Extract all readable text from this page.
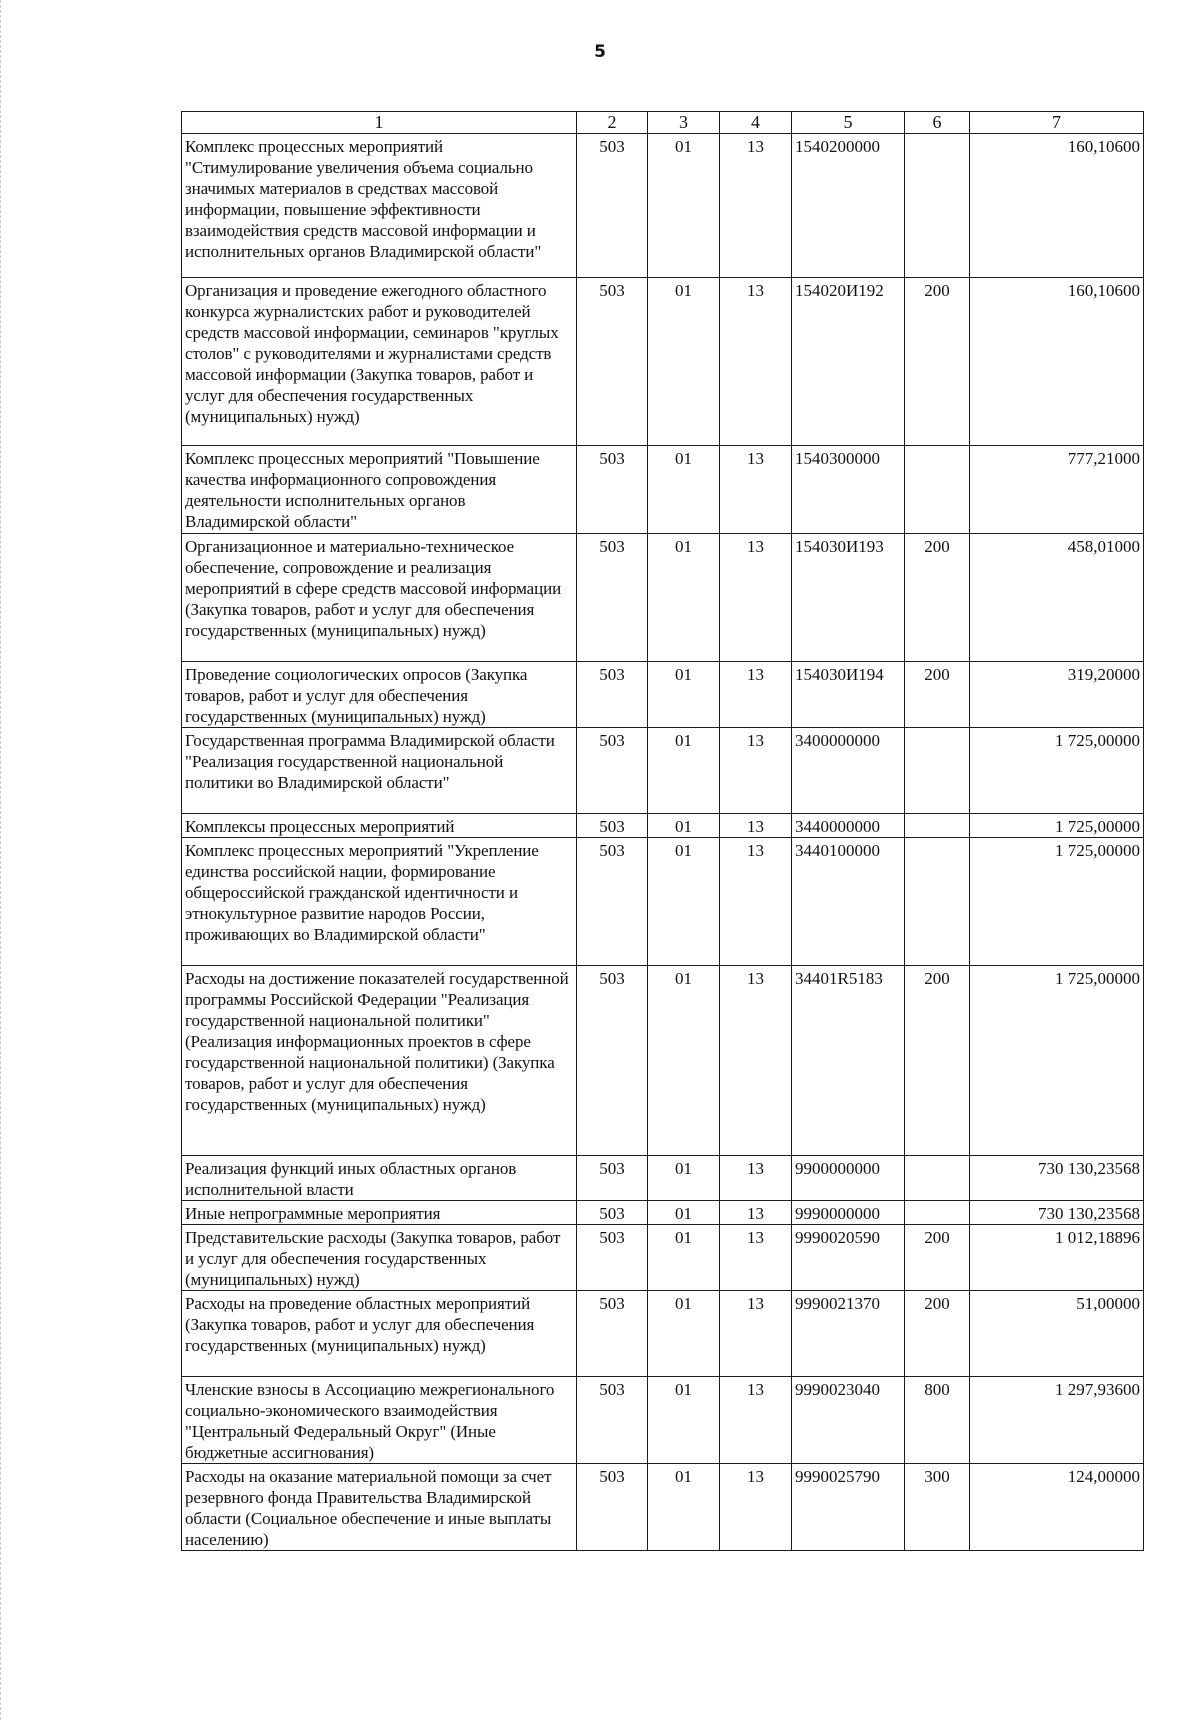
5
1	2	3	4	5	6	7
Комплекс процессных мероприятий "Стимулирование увеличения объема социально значимых материалов в средствах массовой информации, повышение эффективности взаимодействия средств массовой информации и исполнительных органов Владимирской области"	503	01	13	1540200000		160,10600
Организация и проведение ежегодного областного конкурса журналистских работ и руководителей средств массовой информации, семинаров "круглых столов" с руководителями и журналистами средств массовой информации (Закупка товаров, работ и услуг для обеспечения государственных (муниципальных) нужд)	503	01	13	154020И192	200	160,10600
Комплекс процессных мероприятий "Повышение качества информационного сопровождения деятельности исполнительных органов Владимирской области"	503	01	13	1540300000		777,21000
Организационное и материально-техническое обеспечение, сопровождение и реализация мероприятий в сфере средств массовой информации (Закупка товаров, работ и услуг для обеспечения государственных (муниципальных) нужд)	503	01	13	154030И193	200	458,01000
Проведение социологических опросов (Закупка товаров, работ и услуг для обеспечения государственных (муниципальных) нужд)	503	01	13	154030И194	200	319,20000
Государственная программа Владимирской области "Реализация государственной национальной политики во Владимирской области"	503	01	13	3400000000		1 725,00000
Комплексы процессных мероприятий	503	01	13	3440000000		1 725,00000
Комплекс процессных мероприятий "Укрепление единства российской нации, формирование общероссийской гражданской идентичности и этнокультурное развитие народов России, проживающих во Владимирской области"	503	01	13	3440100000		1 725,00000
Расходы на достижение показателей государственной программы Российской Федерации "Реализация государственной национальной политики" (Реализация информационных проектов в сфере государственной национальной политики) (Закупка товаров, работ и услуг для обеспечения государственных (муниципальных) нужд)	503	01	13	34401R5183	200	1 725,00000
Реализация функций иных областных органов исполнительной власти	503	01	13	9900000000		730 130,23568
Иные непрограммные мероприятия	503	01	13	9990000000		730 130,23568
Представительские расходы (Закупка товаров, работ и услуг для обеспечения государственных (муниципальных) нужд)	503	01	13	9990020590	200	1 012,18896
Расходы на проведение областных мероприятий (Закупка товаров, работ и услуг для обеспечения государственных (муниципальных) нужд)	503	01	13	9990021370	200	51,00000
Членские взносы в Ассоциацию межрегионального социально-экономического взаимодействия "Центральный Федеральный Округ" (Иные бюджетные ассигнования)	503	01	13	9990023040	800	1 297,93600
Расходы на оказание материальной помощи за счет резервного фонда Правительства Владимирской области (Социальное обеспечение и иные выплаты населению)	503	01	13	9990025790	300	124,00000
